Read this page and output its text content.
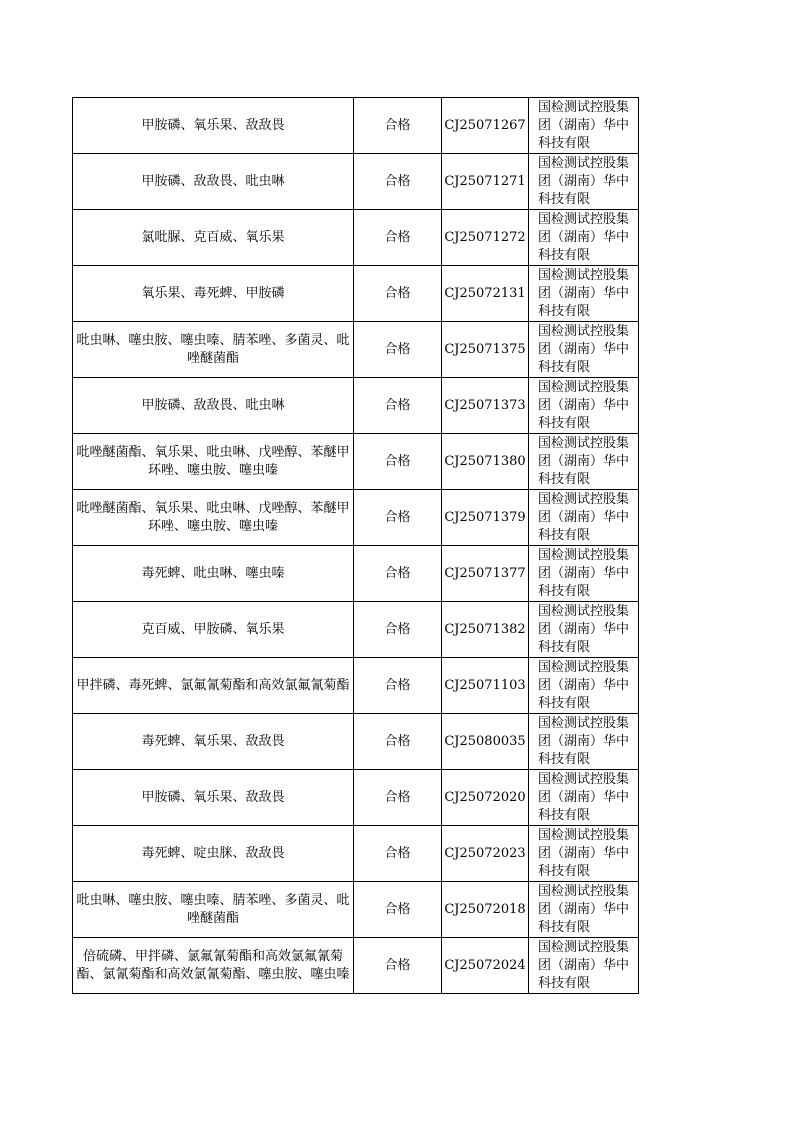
甲胺磷、氧乐果、敌敌畏	合格	CJ25071267	国检测试控股集团（湖南）华中科技有限
甲胺磷、敌敌畏、吡虫啉	合格	CJ25071271	国检测试控股集团（湖南）华中科技有限
氯吡脲、克百威、氧乐果	合格	CJ25071272	国检测试控股集团（湖南）华中科技有限
氧乐果、毒死蜱、甲胺磷	合格	CJ25072131	国检测试控股集团（湖南）华中科技有限
吡虫啉、噻虫胺、噻虫嗪、腈苯唑、多菌灵、吡唑醚菌酯	合格	CJ25071375	国检测试控股集团（湖南）华中科技有限
甲胺磷、敌敌畏、吡虫啉	合格	CJ25071373	国检测试控股集团（湖南）华中科技有限
吡唑醚菌酯、氧乐果、吡虫啉、戊唑醇、苯醚甲环唑、噻虫胺、噻虫嗪	合格	CJ25071380	国检测试控股集团（湖南）华中科技有限
吡唑醚菌酯、氧乐果、吡虫啉、戊唑醇、苯醚甲环唑、噻虫胺、噻虫嗪	合格	CJ25071379	国检测试控股集团（湖南）华中科技有限
毒死蜱、吡虫啉、噻虫嗪	合格	CJ25071377	国检测试控股集团（湖南）华中科技有限
克百威、甲胺磷、氧乐果	合格	CJ25071382	国检测试控股集团（湖南）华中科技有限
甲拌磷、毒死蜱、氯氟氰菊酯和高效氯氟氰菊酯	合格	CJ25071103	国检测试控股集团（湖南）华中科技有限
毒死蜱、氧乐果、敌敌畏	合格	CJ25080035	国检测试控股集团（湖南）华中科技有限
甲胺磷、氧乐果、敌敌畏	合格	CJ25072020	国检测试控股集团（湖南）华中科技有限
毒死蜱、啶虫脒、敌敌畏	合格	CJ25072023	国检测试控股集团（湖南）华中科技有限
吡虫啉、噻虫胺、噻虫嗪、腈苯唑、多菌灵、吡唑醚菌酯	合格	CJ25072018	国检测试控股集团（湖南）华中科技有限
倍硫磷、甲拌磷、氯氟氰菊酯和高效氯氟氰菊酯、氯氰菊酯和高效氯氰菊酯、噻虫胺、噻虫嗪	合格	CJ25072024	国检测试控股集团（湖南）华中科技有限
